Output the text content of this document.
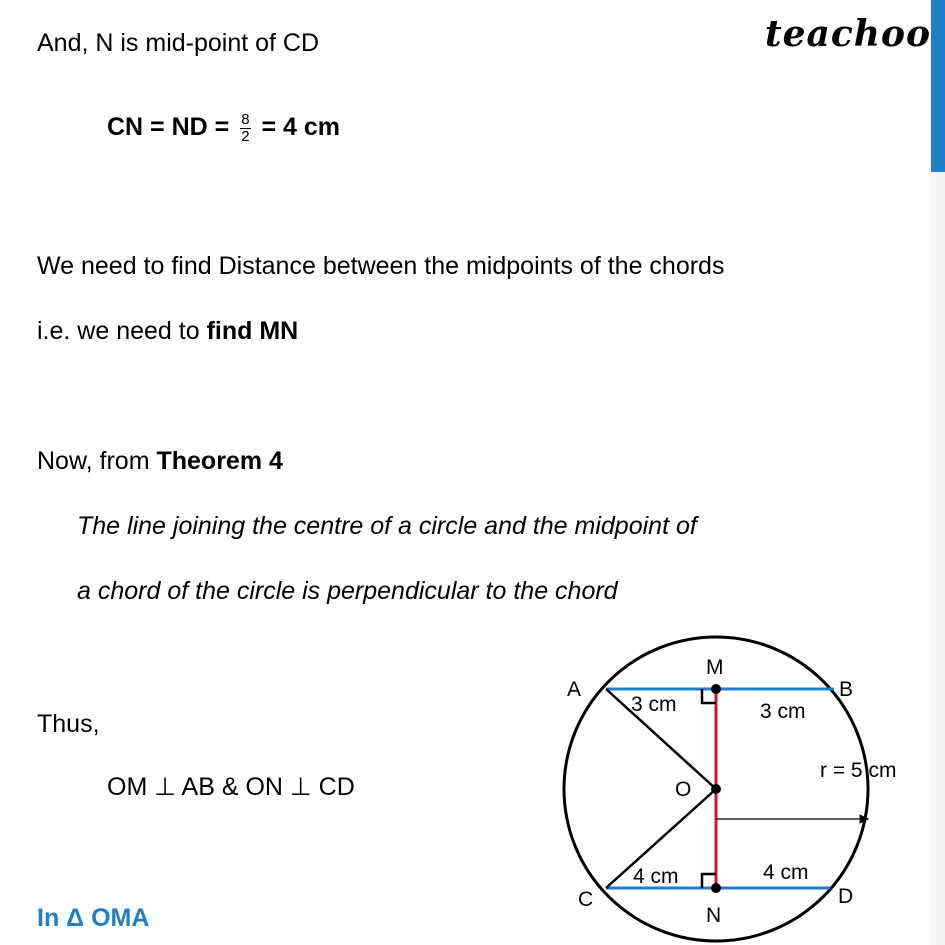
teachoo
And, N is mid-point of CD
CN = ND = $\frac{8}{2} = 4$ cm
We need to find Distance between the midpoints of the chords
i.e. we need to find MN
Now, from Theorem 4
The line joining the centre of a circle and the midpoint of
a chord of the circle is perpendicular to the chord
Thus,
OM ⊥ AB & ON ⊥ CD
In Δ OMA
A	B
C	D
M
N
O
3 cm	3 cm
4 cm	4 cm
r = 5 cm
